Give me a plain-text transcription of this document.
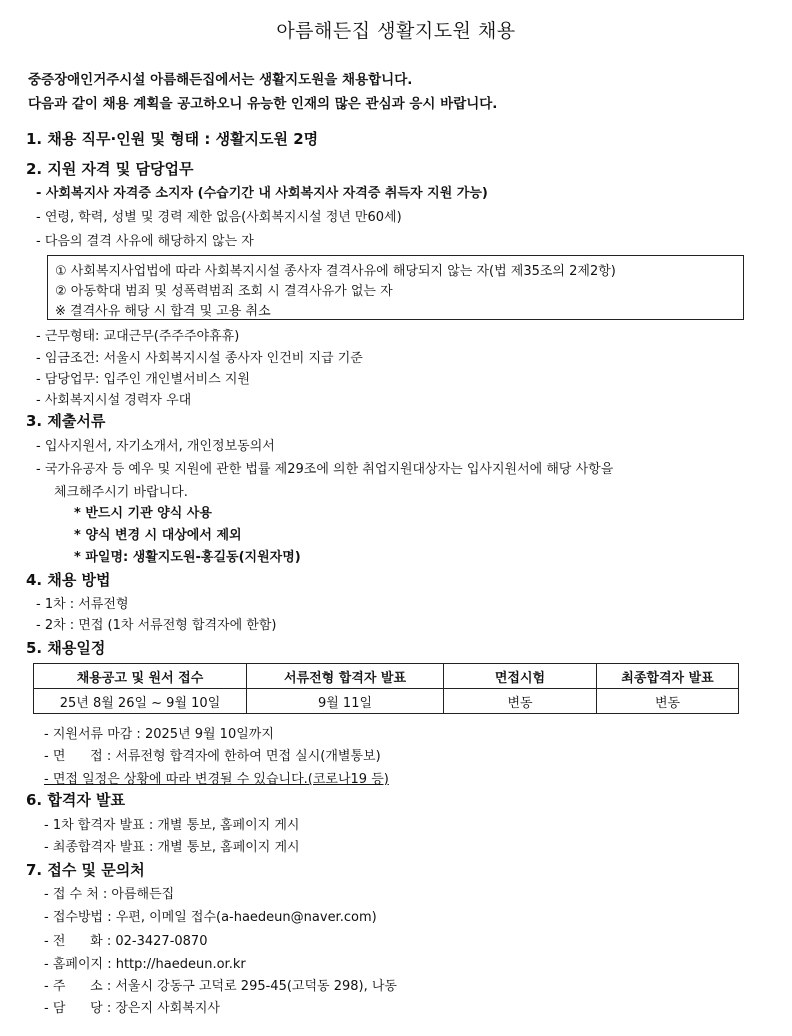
아름해든집 생활지도원 채용
중증장애인거주시설 아름해든집에서는 생활지도원을 채용합니다.
다음과 같이 채용 계획을 공고하오니 유능한 인재의 많은 관심과 응시 바랍니다.
1. 채용 직무·인원 및 형태 : 생활지도원 2명
2. 지원 자격 및 담당업무
- 사회복지사 자격증 소지자 (수습기간 내 사회복지사 자격증 취득자 지원 가능)
- 연령, 학력, 성별 및 경력 제한 없음(사회복지시설 정년 만60세)
- 다음의 결격 사유에 해당하지 않는 자
① 사회복지사업법에 따라 사회복지시설 종사자 결격사유에 해당되지 않는 자(법 제35조의 2제2항)
② 아동학대 범죄 및 성폭력범죄 조회 시 결격사유가 없는 자
※ 결격사유 해당 시 합격 및 고용 취소
- 근무형태: 교대근무(주주주야휴휴)
- 임금조건: 서울시 사회복지시설 종사자 인건비 지급 기준
- 담당업무: 입주인 개인별서비스 지원
- 사회복지시설 경력자 우대
3. 제출서류
- 입사지원서, 자기소개서, 개인정보동의서
- 국가유공자 등 예우 및 지원에 관한 법률 제29조에 의한 취업지원대상자는 입사지원서에 해당 사항을
체크해주시기 바랍니다.
* 반드시 기관 양식 사용
* 양식 변경 시 대상에서 제외
* 파일명: 생활지도원-홍길동(지원자명)
4. 채용 방법
- 1차 : 서류전형
- 2차 : 면접 (1차 서류전형 합격자에 한함)
5. 채용일정
채용공고 및 원서 접수	서류전형 합격자 발표	면접시험	최종합격자 발표
25년 8월 26일 ~ 9월 10일	9월 11일	변동	변동
- 지원서류 마감 : 2025년 9월 10일까지
- 면      접 : 서류전형 합격자에 한하여 면접 실시(개별통보)
- 면접 일정은 상황에 따라 변경될 수 있습니다.(코로나19 등)
6. 합격자 발표
- 1차 합격자 발표 : 개별 통보, 홈페이지 게시
- 최종합격자 발표 : 개별 통보, 홈페이지 게시
7. 접수 및 문의처
- 접 수 처 : 아름해든집
- 접수방법 : 우편, 이메일 접수(a-haedeun@naver.com)
- 전      화 : 02-3427-0870
- 홈페이지 : http://haedeun.or.kr
- 주      소 : 서울시 강동구 고덕로 295-45(고덕동 298), 나동
- 담      당 : 장은지 사회복지사
